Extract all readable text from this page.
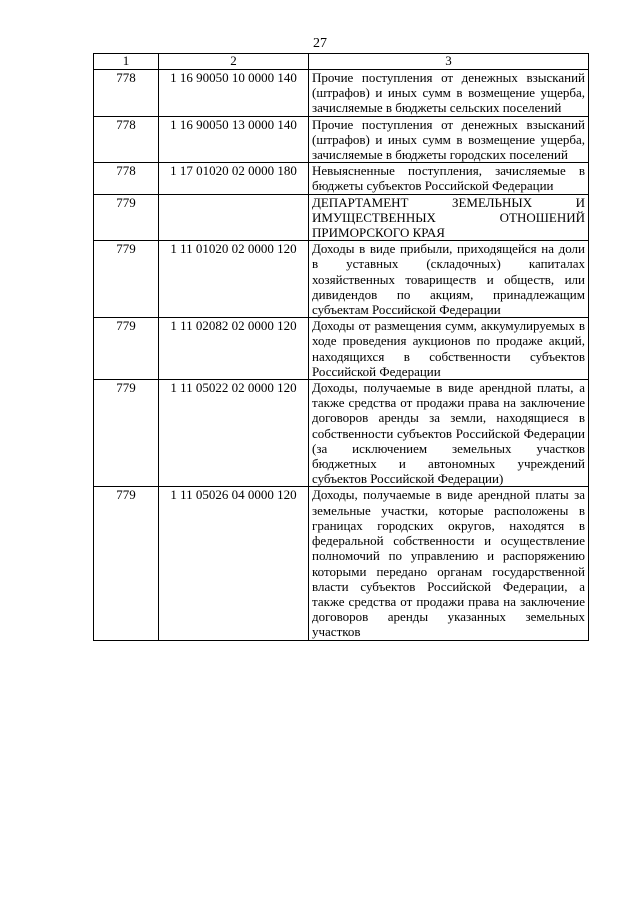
27
1	2	3
778	1 16 90050 10 0000 140	Прочие поступления от денежных взысканий (штрафов) и иных сумм в возмещение ущерба, зачисляемые в бюджеты сельских поселений
778	1 16 90050 13 0000 140	Прочие поступления от денежных взысканий (штрафов) и иных сумм в возмещение ущерба, зачисляемые в бюджеты городских поселений
778	1 17 01020 02 0000 180	Невыясненные поступления, зачисляемые в бюджеты субъектов Российской Федерации
779		ДЕПАРТАМЕНТ ЗЕМЕЛЬНЫХ И ИМУЩЕСТВЕННЫХ ОТНОШЕНИЙ ПРИМОРСКОГО КРАЯ
779	1 11 01020 02 0000 120	Доходы в виде прибыли, приходящейся на доли в уставных (складочных) капиталах хозяйственных товариществ и обществ, или дивидендов по акциям, принадлежащим субъектам Российской Федерации
779	1 11 02082 02 0000 120	Доходы от размещения сумм, аккумулируемых в ходе проведения аукционов по продаже акций, находящихся в собственности субъектов Российской Федерации
779	1 11 05022 02 0000 120	Доходы, получаемые в виде арендной платы, а также средства от продажи права на заключение договоров аренды за земли, находящиеся в собственности субъектов Российской Федерации (за исключением земельных участков бюджетных и автономных учреждений субъектов Российской Федерации)
779	1 11 05026 04 0000 120	Доходы, получаемые в виде арендной платы за земельные участки, которые расположены в границах городских округов, находятся в федеральной собственности и осуществление полномочий по управлению и распоряжению которыми передано органам государственной власти субъектов Российской Федерации, а также средства от продажи права на заключение договоров аренды указанных земельных участков
